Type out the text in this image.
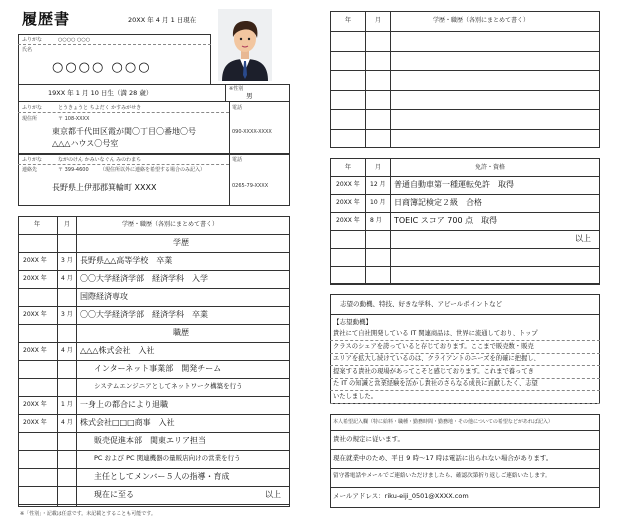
履歴書	20XX 年 4 月 1 日現在
ふりがな	○○○○ ○○○
氏名
○○○○ ○○○
19XX 年 1 月 10 日生（満 28 歳）	※性別
男
ふりがな	とうきょうと ちよだく かすみがせき	電話
現住所	〒 108-XXXX
東京都千代田区霞が関〇丁目〇番地〇号
△△△ハウス〇号室
090-XXXX-XXXX
ふりがな	ながのけん かみいなぐん みのわまち	電話
連絡先	〒 399-4600 （現住所以外に連絡を希望する場合のみ記入）
長野県上伊那郡箕輪町 XXXX	0265-79-XXXX
年	月	学歴・職歴（各別にまとめて書く）
学歴
20XX 年 3 月 長野県△△高等学校　卒業
20XX 年 4 月 〇〇大学経済学部　経済学科　入学
国際経済専攻
20XX 年 3 月 〇〇大学経済学部　経済学科　卒業
職歴
20XX 年 4 月 △△△株式会社　入社
インターネット事業部　開発チーム
システムエンジニアとしてネットワーク構築を行う
20XX 年 1 月 一身上の都合により退職
20XX 年 4 月 株式会社□□□商事　入社
販売促進本部　関東エリア担当
PC および PC 関連機器の量販店向けの営業を行う
主任としてメンバー５人の指導・育成
現在に至る	以上
※「性別」・記載は任意です。未記載とすることも可能です。
年	月	学歴・職歴（各別にまとめて書く）
年	月	免許・資格
20XX 年 12 月 普通自動車第一種運転免許　取得
20XX 年 10 月 日商簿記検定２級　合格
20XX 年 8 月 TOEIC スコア 700 点　取得
以上
志望の動機、特技、好きな学科、アピールポイントなど
【志望動機】
貴社にて自社開発している IT 関連商品は、世界に流通しており、トップ
クラスのシェアを誇っていると存じております。ここまで販売数・販売
エリアを拡大し続けているのは、クライアントのニーズを的確に把握し、
提案する貴社の現場があってこそと感じております。これまで養ってき
た IT の知識と営業経験を活かし貴社のさらなる成長に貢献したく、志望
いたしました。
本人希望記入欄（特に給料・職種・勤務時間・勤務地・その他についての希望などがあれば記入）
貴社の規定に従います。
現在就業中のため、平日 9 時〜17 時は電話に出られない場合があります。
留守番電話やメールでご連絡いただけましたら、確認次第折り返しご連絡いたします。
メールアドレス：riku-eiji_0501@XXXX.com
